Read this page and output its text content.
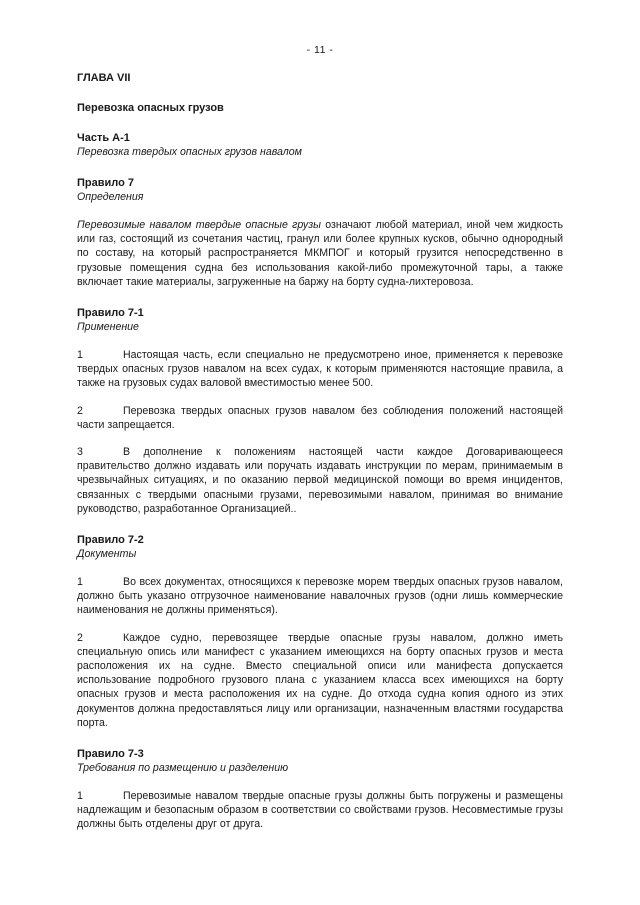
- 11 -
ГЛАВА VII
Перевозка опасных грузов
Часть А-1
Перевозка твердых опасных грузов навалом
Правило 7
Определения

Перевозимые навалом твердые опасные грузы означают любой материал, иной чем жидкость или газ, состоящий из сочетания частиц, гранул или более крупных кусков, обычно однородный по составу, на который распространяется МКМПОГ и который грузится непосредственно в грузовые помещения судна без использования какой-либо промежуточной тары, а также включает такие материалы, загруженные на баржу на борту судна-лихтеровоза.

Правило 7-1
Применение

1	Настоящая часть, если специально не предусмотрено иное, применяется к перевозке твердых опасных грузов навалом на всех судах, к которым применяются настоящие правила, а также на грузовых судах валовой вместимостью менее 500.

2	Перевозка твердых опасных грузов навалом без соблюдения положений настоящей части запрещается.

3	В дополнение к положениям настоящей части каждое Договаривающееся правительство должно издавать или поручать издавать инструкции по мерам, принимаемым в чрезвычайных ситуациях, и по оказанию первой медицинской помощи во время инцидентов, связанных с твердыми опасными грузами, перевозимыми навалом, принимая во внимание руководство, разработанное Организацией..

Правило 7-2
Документы

1	Во всех документах, относящихся к перевозке морем твердых опасных грузов навалом, должно быть указано отгрузочное наименование навалочных грузов (одни лишь коммерческие наименования не должны применяться).

2	Каждое судно, перевозящее твердые опасные грузы навалом, должно иметь специальную опись или манифест с указанием имеющихся на борту опасных грузов и места расположения их на судне. Вместо специальной описи или манифеста допускается использование подробного грузового плана с указанием класса всех имеющихся на борту опасных грузов и места расположения их на судне. До отхода судна копия одного из этих документов должна предоставляться лицу или организации, назначенным властями государства порта.

Правило 7-3
Требования по размещению и разделению

1	Перевозимые навалом твердые опасные грузы должны быть погружены и размещены надлежащим и безопасным образом в соответствии со свойствами грузов. Несовместимые грузы должны быть отделены друг от друга.
